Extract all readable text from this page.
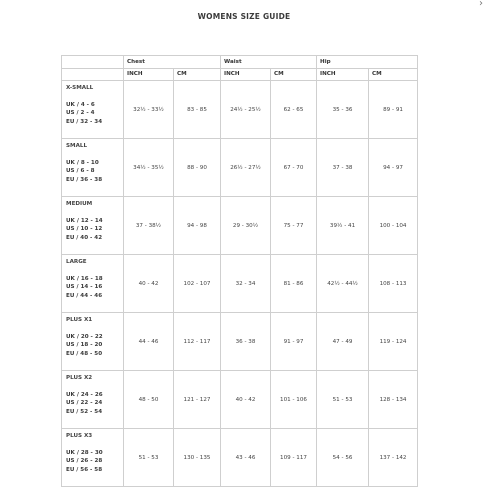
WOMENS SIZE GUIDE
›
	Chest		Waist		Hip	
	INCH	CM	INCH	CM	INCH	CM

X-SMALL
UK / 4 - 6
US / 2 - 4
EU / 32 - 34	32½ - 33½	83 - 85	24½ - 25½	62 - 65	35 - 36	89 - 91

SMALL
UK / 8 - 10
US / 6 - 8
EU / 36 - 38	34½ - 35½	88 - 90	26½ - 27½	67 - 70	37 - 38	94 - 97

MEDIUM
UK / 12 - 14
US / 10 - 12
EU / 40 - 42	37 - 38½	94 - 98	29 - 30½	75 - 77	39½ - 41	100 - 104

LARGE
UK / 16 - 18
US / 14 - 16
EU / 44 - 46	40 - 42	102 - 107	32 - 34	81 - 86	42½ - 44½	108 - 113

PLUS X1
UK / 20 - 22
US / 18 - 20
EU / 48 - 50	44 - 46	112 - 117	36 - 38	91 - 97	47 - 49	119 - 124

PLUS X2
UK / 24 - 26
US / 22 - 24
EU / 52 - 54	48 - 50	121 - 127	40 - 42	101 - 106	51 - 53	128 - 134

PLUS X3
UK / 28 - 30
US / 26 - 28
EU / 56 - 58	51 - 53	130 - 135	43 - 46	109 - 117	54 - 56	137 - 142
